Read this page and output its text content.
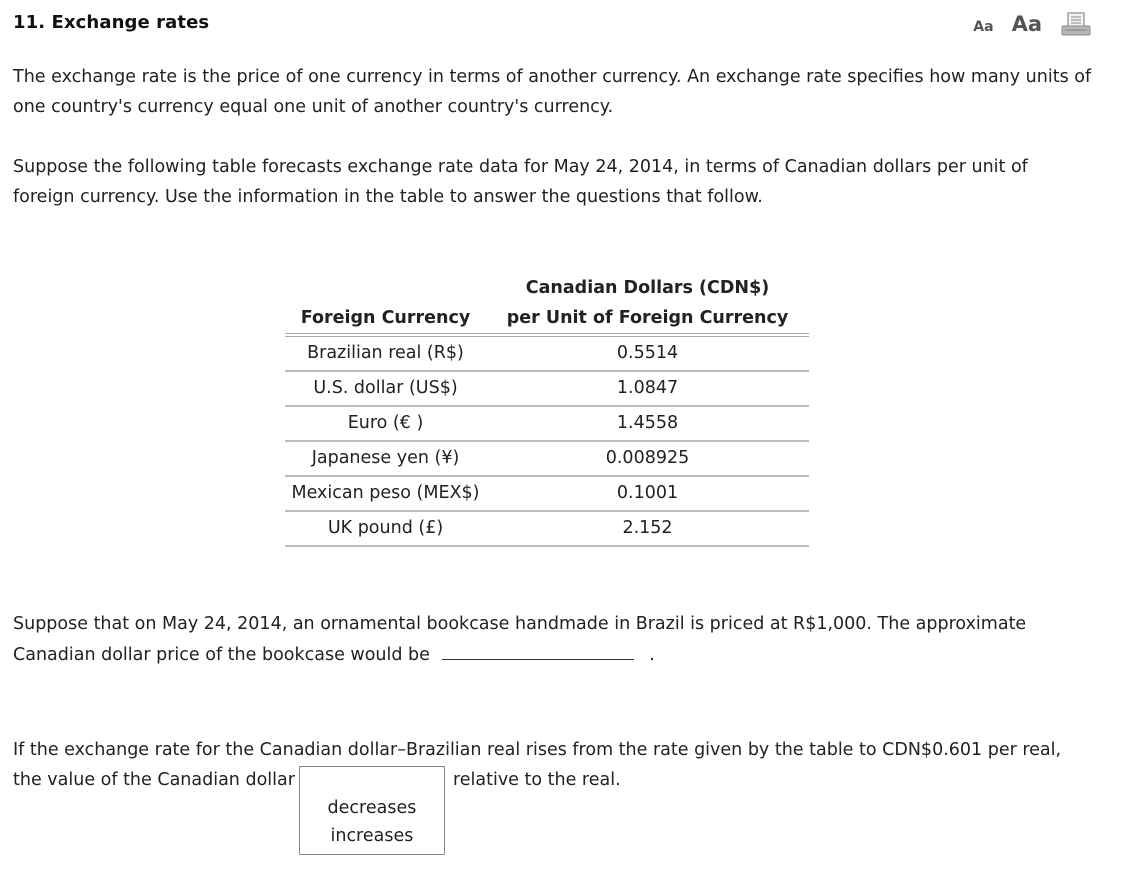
11. Exchange rates	Aa Aa
The exchange rate is the price of one currency in terms of another currency. An exchange rate specifies how many units of one country's currency equal one unit of another country's currency.
Suppose the following table forecasts exchange rate data for May 24, 2014, in terms of Canadian dollars per unit of foreign currency. Use the information in the table to answer the questions that follow.

	Canadian Dollars (CDN$)

Foreign Currency	per Unit of Foreign Currency

Brazilian real (R$)	0.5514
U.S. dollar (US$)	1.0847
Euro (€ )	1.4558
Japanese yen (¥)	0.008925
Mexican peso (MEX$)	0.1001
UK pound (£)	2.152
Suppose that on May 24, 2014, an ornamental bookcase handmade in Brazil is priced at R$1,000. The approximate Canadian dollar price of the bookcase would be	.
If the exchange rate for the Canadian dollar–Brazilian real rises from the rate given by the table to CDN$0.601 per real, the value of the Canadian dollar
decreases
increases
relative to the real.
